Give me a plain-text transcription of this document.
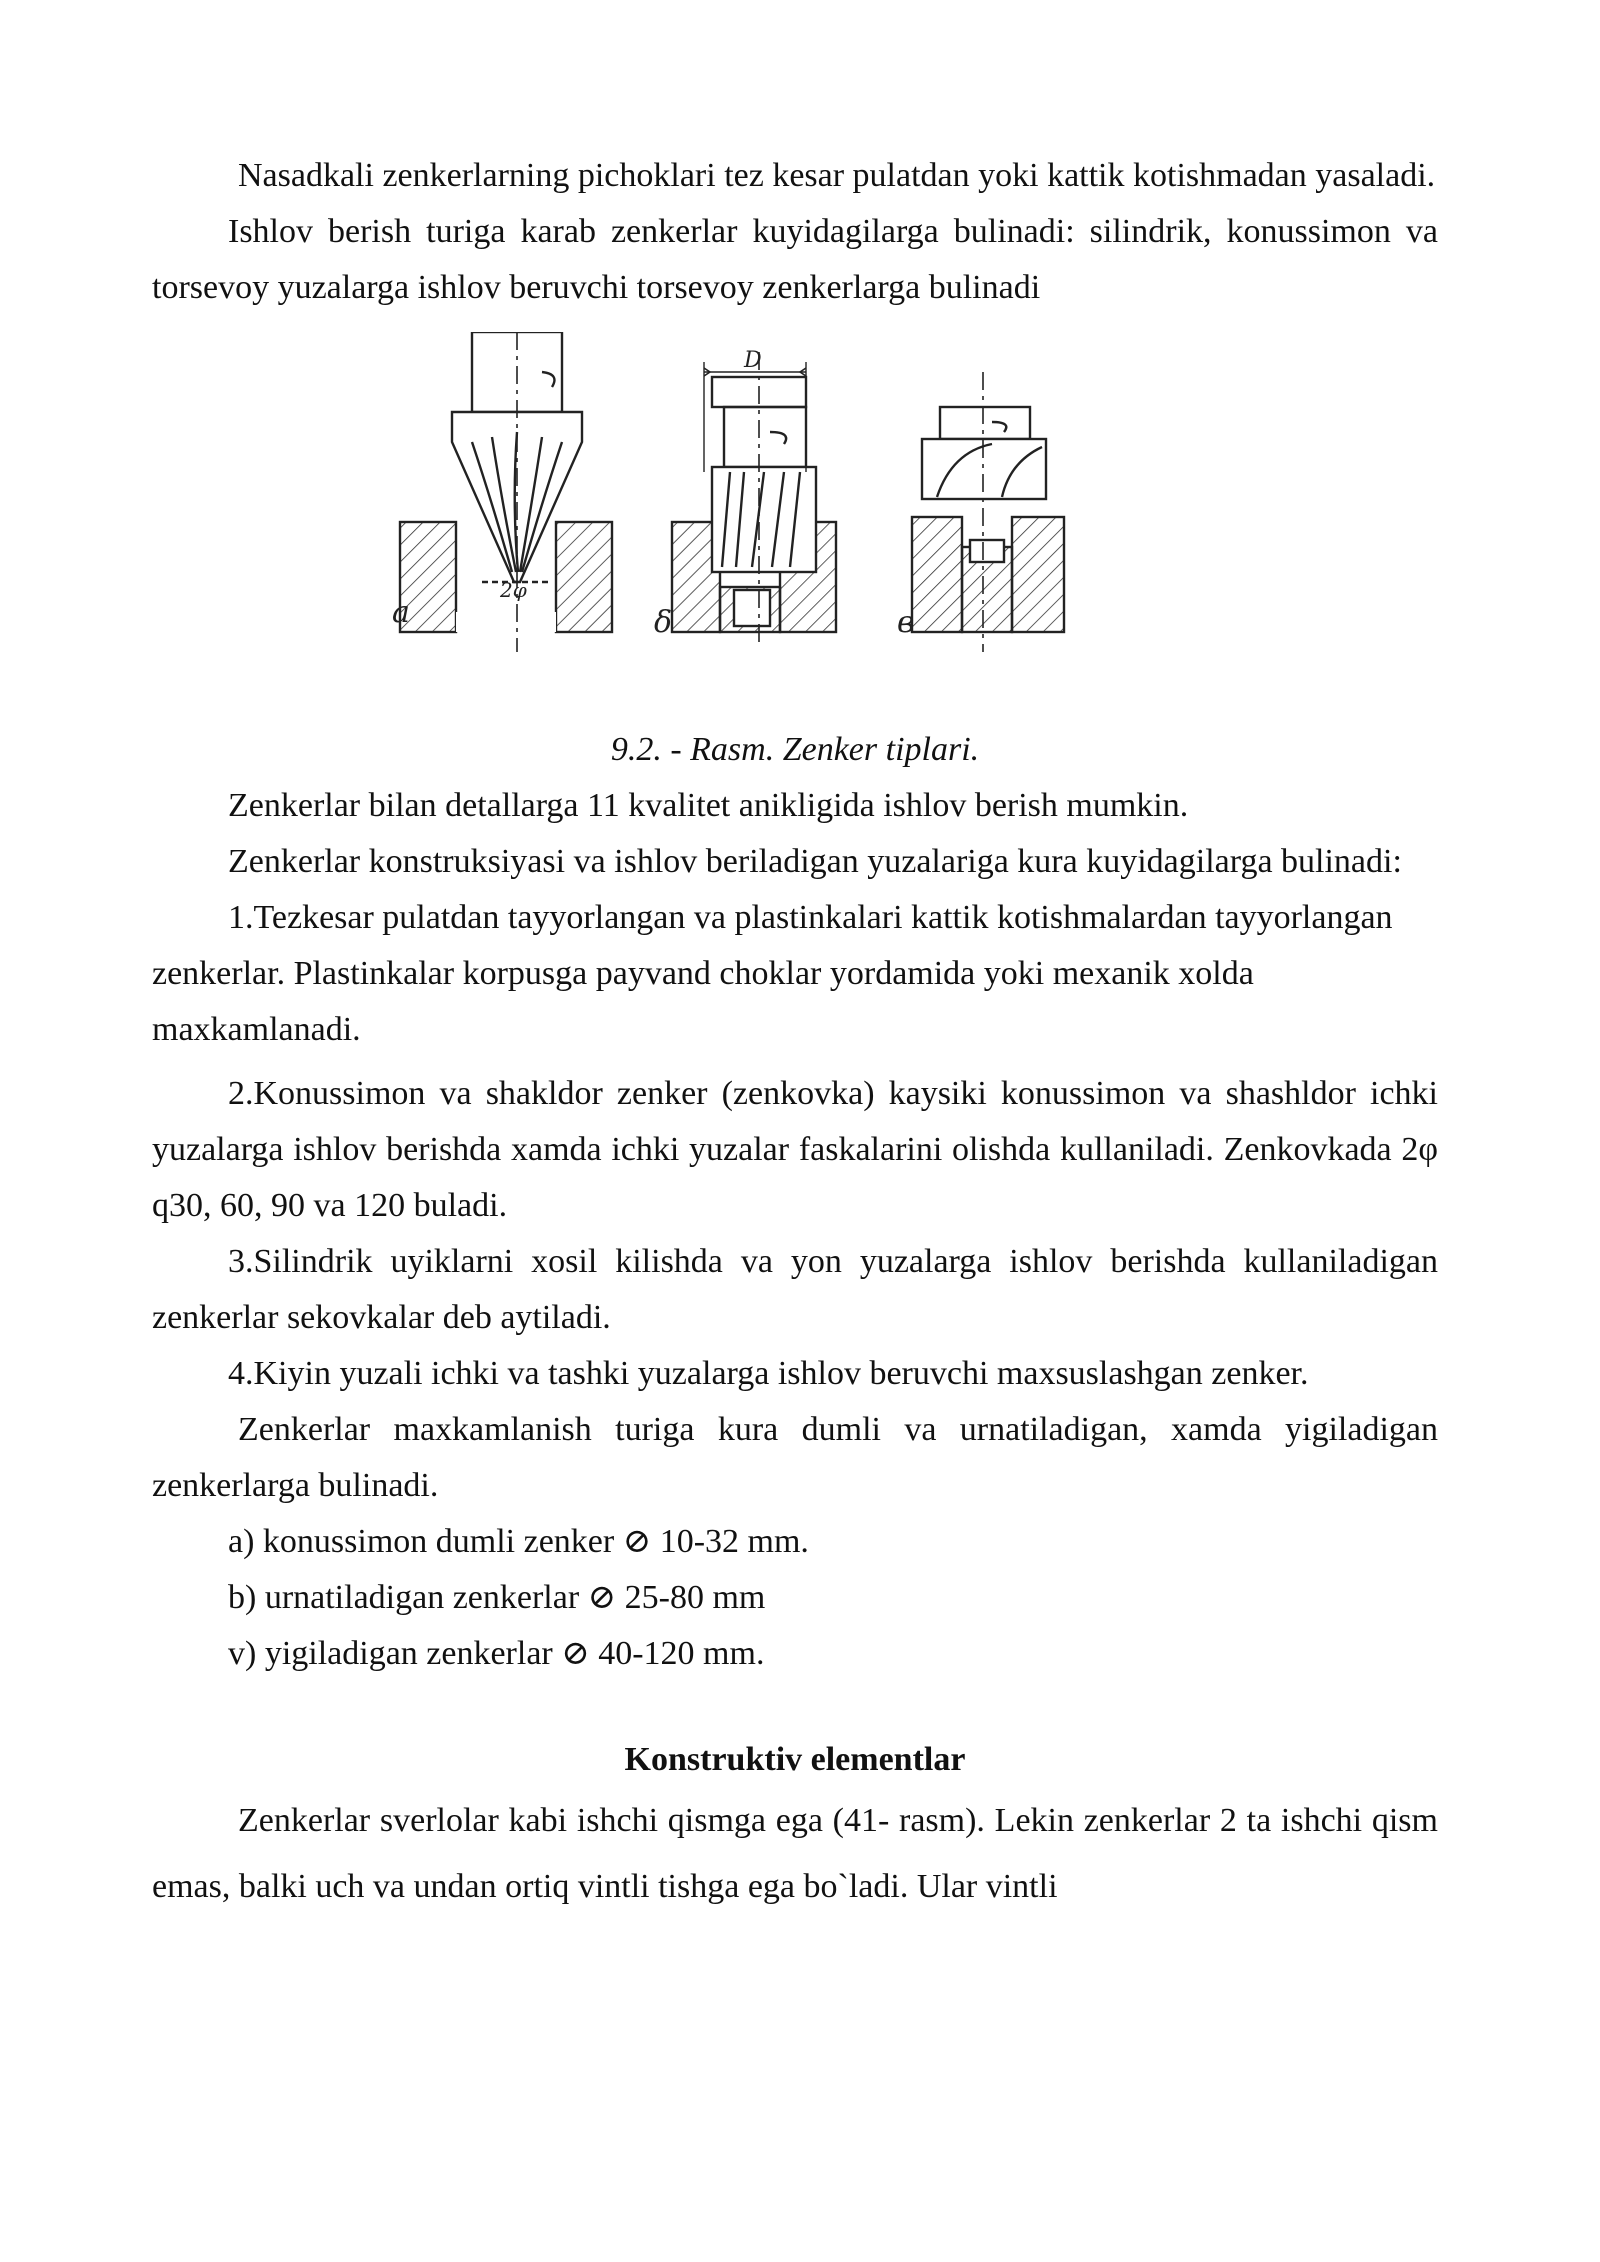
Nasadkali zenkerlarning pichoklari tez kesar pulatdan yoki kattik kotishmadan yasaladi.

Ishlov berish turiga karab zenkerlar kuyidagilarga bulinadi: silindrik, konussimon va torsevoy yuzalarga ishlov beruvchi torsevoy zenkerlarga bulinadi

a
2φ
D
δ	в

9.2. - Rasm. Zenker tiplari.

Zenkerlar bilan detallarga 11 kvalitet anikligida ishlov berish mumkin.

Zenkerlar konstruksiyasi va ishlov beriladigan yuzalariga kura kuyidagilarga bulinadi:

1.Tezkesar pulatdan tayyorlangan va plastinkalari kattik kotishmalardan tayyorlangan zenkerlar. Plastinkalar korpusga payvand choklar yordamida yoki mexanik xolda maxkamlanadi.

2.Konussimon va shakldor zenker (zenkovka) kaysiki konussimon va shashldor ichki yuzalarga ishlov berishda xamda ichki yuzalar faskalarini olishda kullaniladi. Zenkovkada 2φ q30, 60, 90 va 120 buladi.

3.Silindrik uyiklarni xosil kilishda va yon yuzalarga ishlov berishda kullaniladigan zenkerlar sekovkalar deb aytiladi.

4.Kiyin yuzali ichki va tashki yuzalarga ishlov beruvchi maxsuslashgan zenker.

Zenkerlar maxkamlanish turiga kura dumli va urnatiladigan, xamda yigiladigan zenkerlarga bulinadi.

a) konussimon dumli zenker ⊘ 10-32 mm.

b) urnatiladigan zenkerlar ⊘ 25-80 mm

v) yigiladigan zenkerlar ⊘ 40-120 mm.

Konstruktiv elementlar

Zenkerlar sverlolar kabi ishchi qismga ega (41- rasm). Lekin zenkerlar 2 ta ishchi qism emas, balki uch va undan ortiq vintli tishga ega bo`ladi. Ular vintli
